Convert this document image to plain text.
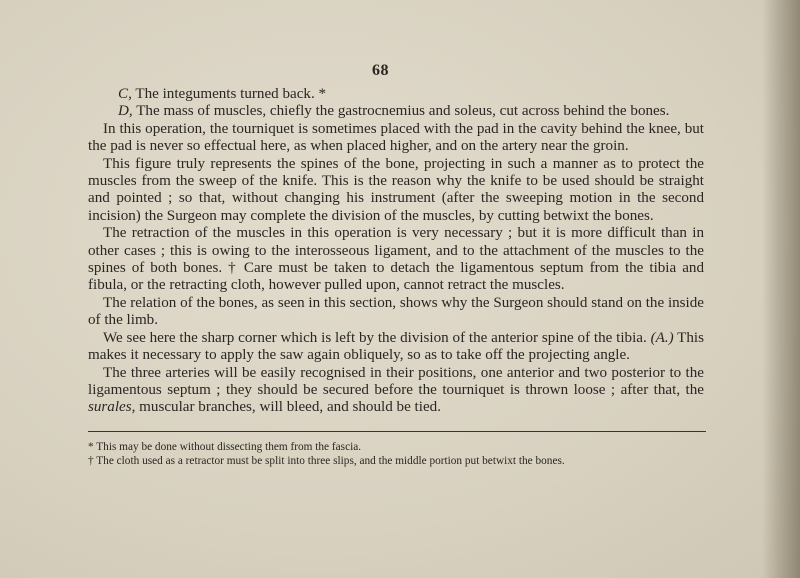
68

C, The integuments turned back. *

D, The mass of muscles, chiefly the gastrocnemius and soleus, cut across behind the bones.

In this operation, the tourniquet is sometimes placed with the pad in the cavity behind the knee, but the pad is never so effectual here, as when placed higher, and on the artery near the groin.

This figure truly represents the spines of the bone, projecting in such a manner as to protect the muscles from the sweep of the knife. This is the reason why the knife to be used should be straight and pointed ; so that, without changing his instrument (after the sweeping motion in the second incision) the Surgeon may complete the division of the muscles, by cutting betwixt the bones.

The retraction of the muscles in this operation is very necessary ; but it is more difficult than in other cases ; this is owing to the interosseous ligament, and to the attachment of the muscles to the spines of both bones. † Care must be taken to detach the ligamentous septum from the tibia and fibula, or the retracting cloth, however pulled upon, cannot retract the muscles.

The relation of the bones, as seen in this section, shows why the Surgeon should stand on the inside of the limb.

We see here the sharp corner which is left by the division of the anterior spine of the tibia. (A.) This makes it necessary to apply the saw again obliquely, so as to take off the projecting angle.

The three arteries will be easily recognised in their positions, one anterior and two posterior to the ligamentous septum ; they should be secured before the tourniquet is thrown loose ; after that, the surales, muscular branches, will bleed, and should be tied.

* This may be done without dissecting them from the fascia.
† The cloth used as a retractor must be split into three slips, and the middle portion put betwixt the bones.
